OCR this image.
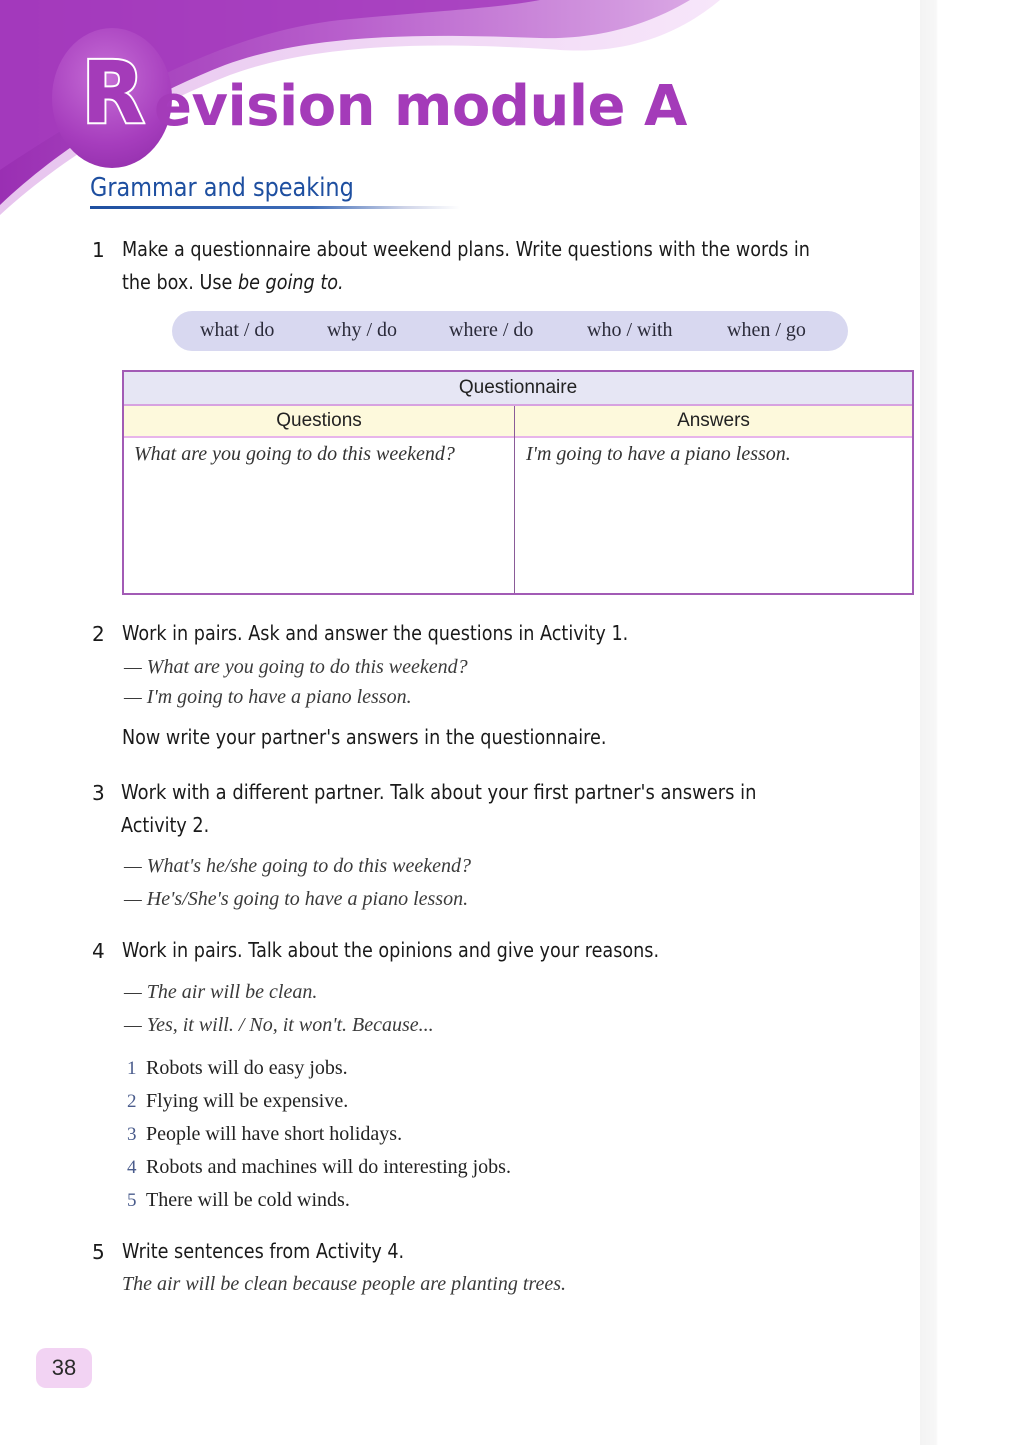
R evision module A
Grammar and speaking
1 Make a questionnaire about weekend plans. Write questions with the words in
the box. Use be going to.
what / do	why / do	where / do	who / with	when / go
Questionnaire
Questions	Answers
What are you going to do this weekend?	I'm going to have a piano lesson.
2 Work in pairs. Ask and answer the questions in Activity 1.
— What are you going to do this weekend?
— I'm going to have a piano lesson.
Now write your partner's answers in the questionnaire.
3 Work with a different partner. Talk about your first partner's answers in
Activity 2.
— What's he/she going to do this weekend?
— He's/She's going to have a piano lesson.
4 Work in pairs. Talk about the opinions and give your reasons.
— The air will be clean.
— Yes, it will. / No, it won't. Because...
1 Robots will do easy jobs.
2 Flying will be expensive.
3 People will have short holidays.
4 Robots and machines will do interesting jobs.
5 There will be cold winds.
5 Write sentences from Activity 4.
The air will be clean because people are planting trees.
38
